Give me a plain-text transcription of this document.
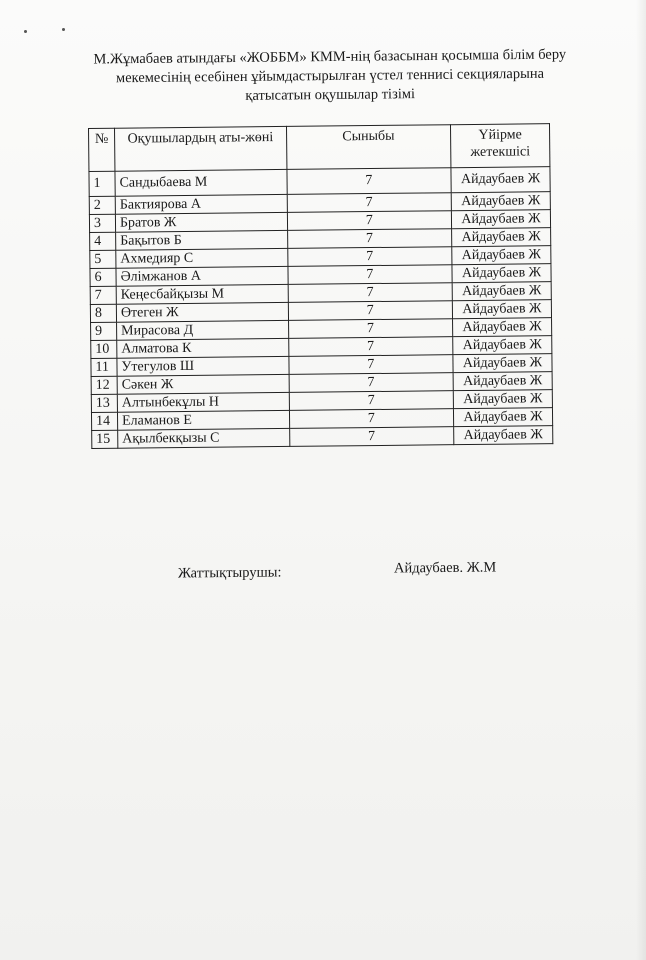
М.Жұмабаев атындағы «ЖОББМ» КММ-нің базасынан қосымша білім беру
мекемесінің есебінен ұйымдастырылған үстел теннисі секцияларына
қатысатын оқушылар тізімі
№	Оқушылардың аты-жөні	Сыныбы	Үйірме жетекшісі
1	Сандыбаева М	7	Айдаубаев Ж
2	Бактиярова А	7	Айдаубаев Ж
3	Братов Ж	7	Айдаубаев Ж
4	Бақытов Б	7	Айдаубаев Ж
5	Ахмедияр С	7	Айдаубаев Ж
6	Әлімжанов А	7	Айдаубаев Ж
7	Кеңесбайқызы М	7	Айдаубаев Ж
8	Өтеген Ж	7	Айдаубаев Ж
9	Мирасова Д	7	Айдаубаев Ж
10	Алматова К	7	Айдаубаев Ж
11	Утегулов Ш	7	Айдаубаев Ж
12	Сәкен Ж	7	Айдаубаев Ж
13	Алтынбекұлы Н	7	Айдаубаев Ж
14	Еламанов Е	7	Айдаубаев Ж
15	Ақылбекқызы С	7	Айдаубаев Ж
Жаттықтырушы:	Айдаубаев. Ж.М
